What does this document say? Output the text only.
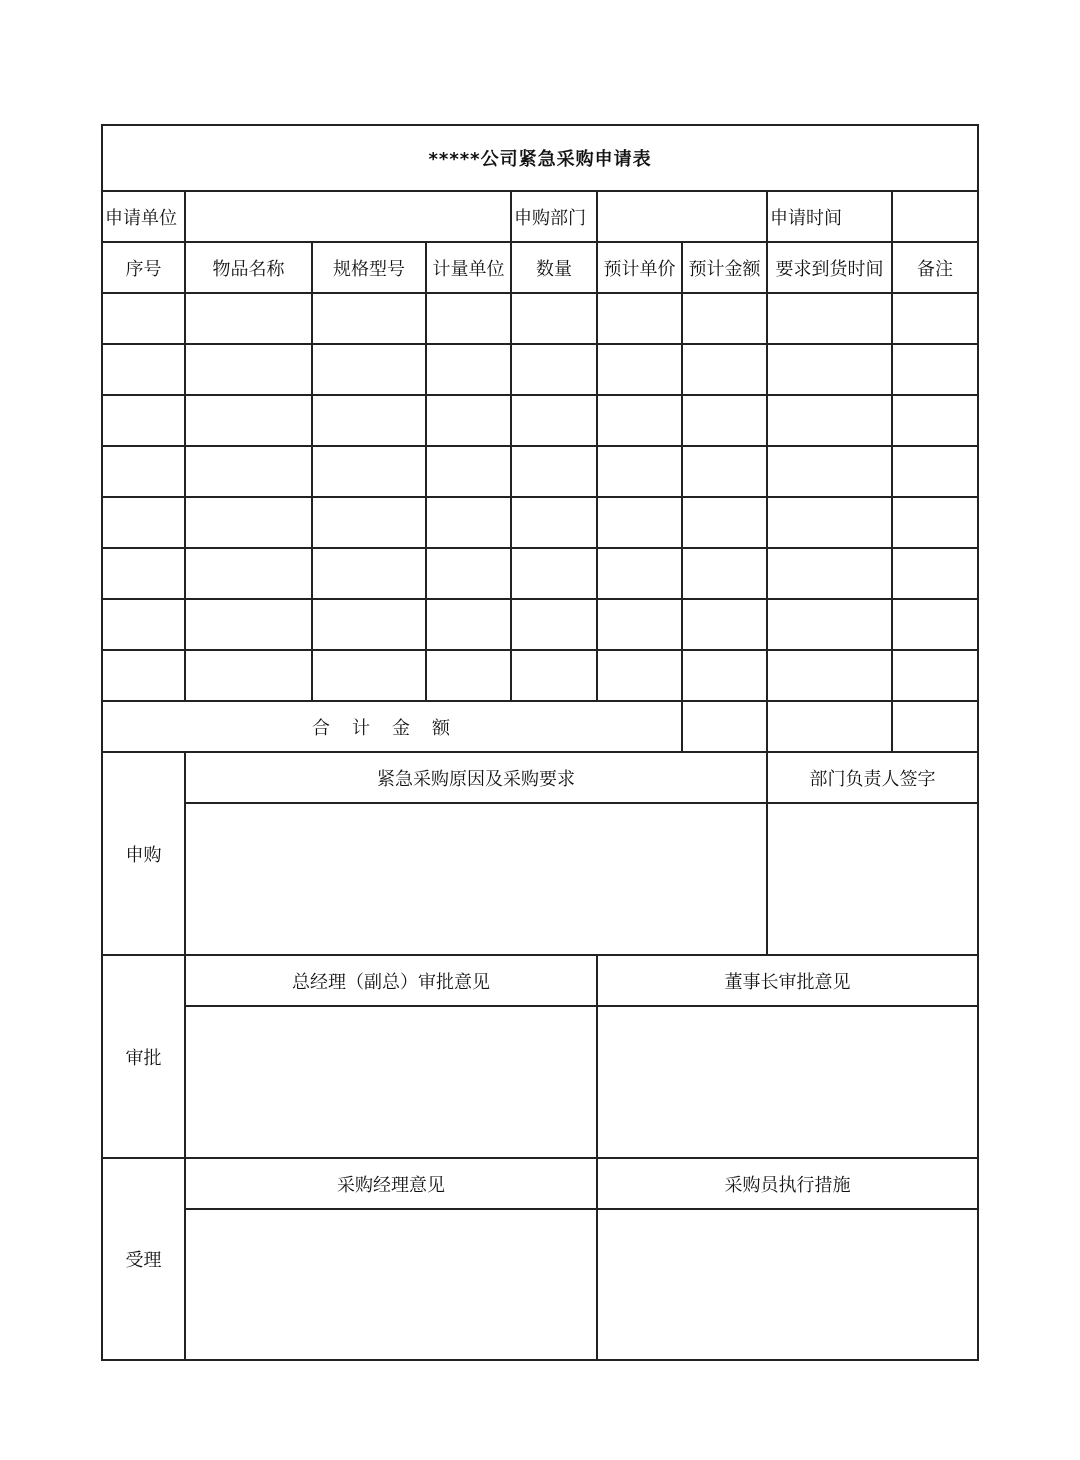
*****公司紧急采购申请表								
申请单位				申购部门			申请时间	
序号	物品名称	规格型号	计量单位	数量	预计单价	预计金额	要求到货时间	备注

合计金额								
申购	紧急采购原因及采购要求						部门负责人签字	

审批	总经理（副总）审批意见				董事长审批意见			

受理	采购经理意见				采购员执行措施			
